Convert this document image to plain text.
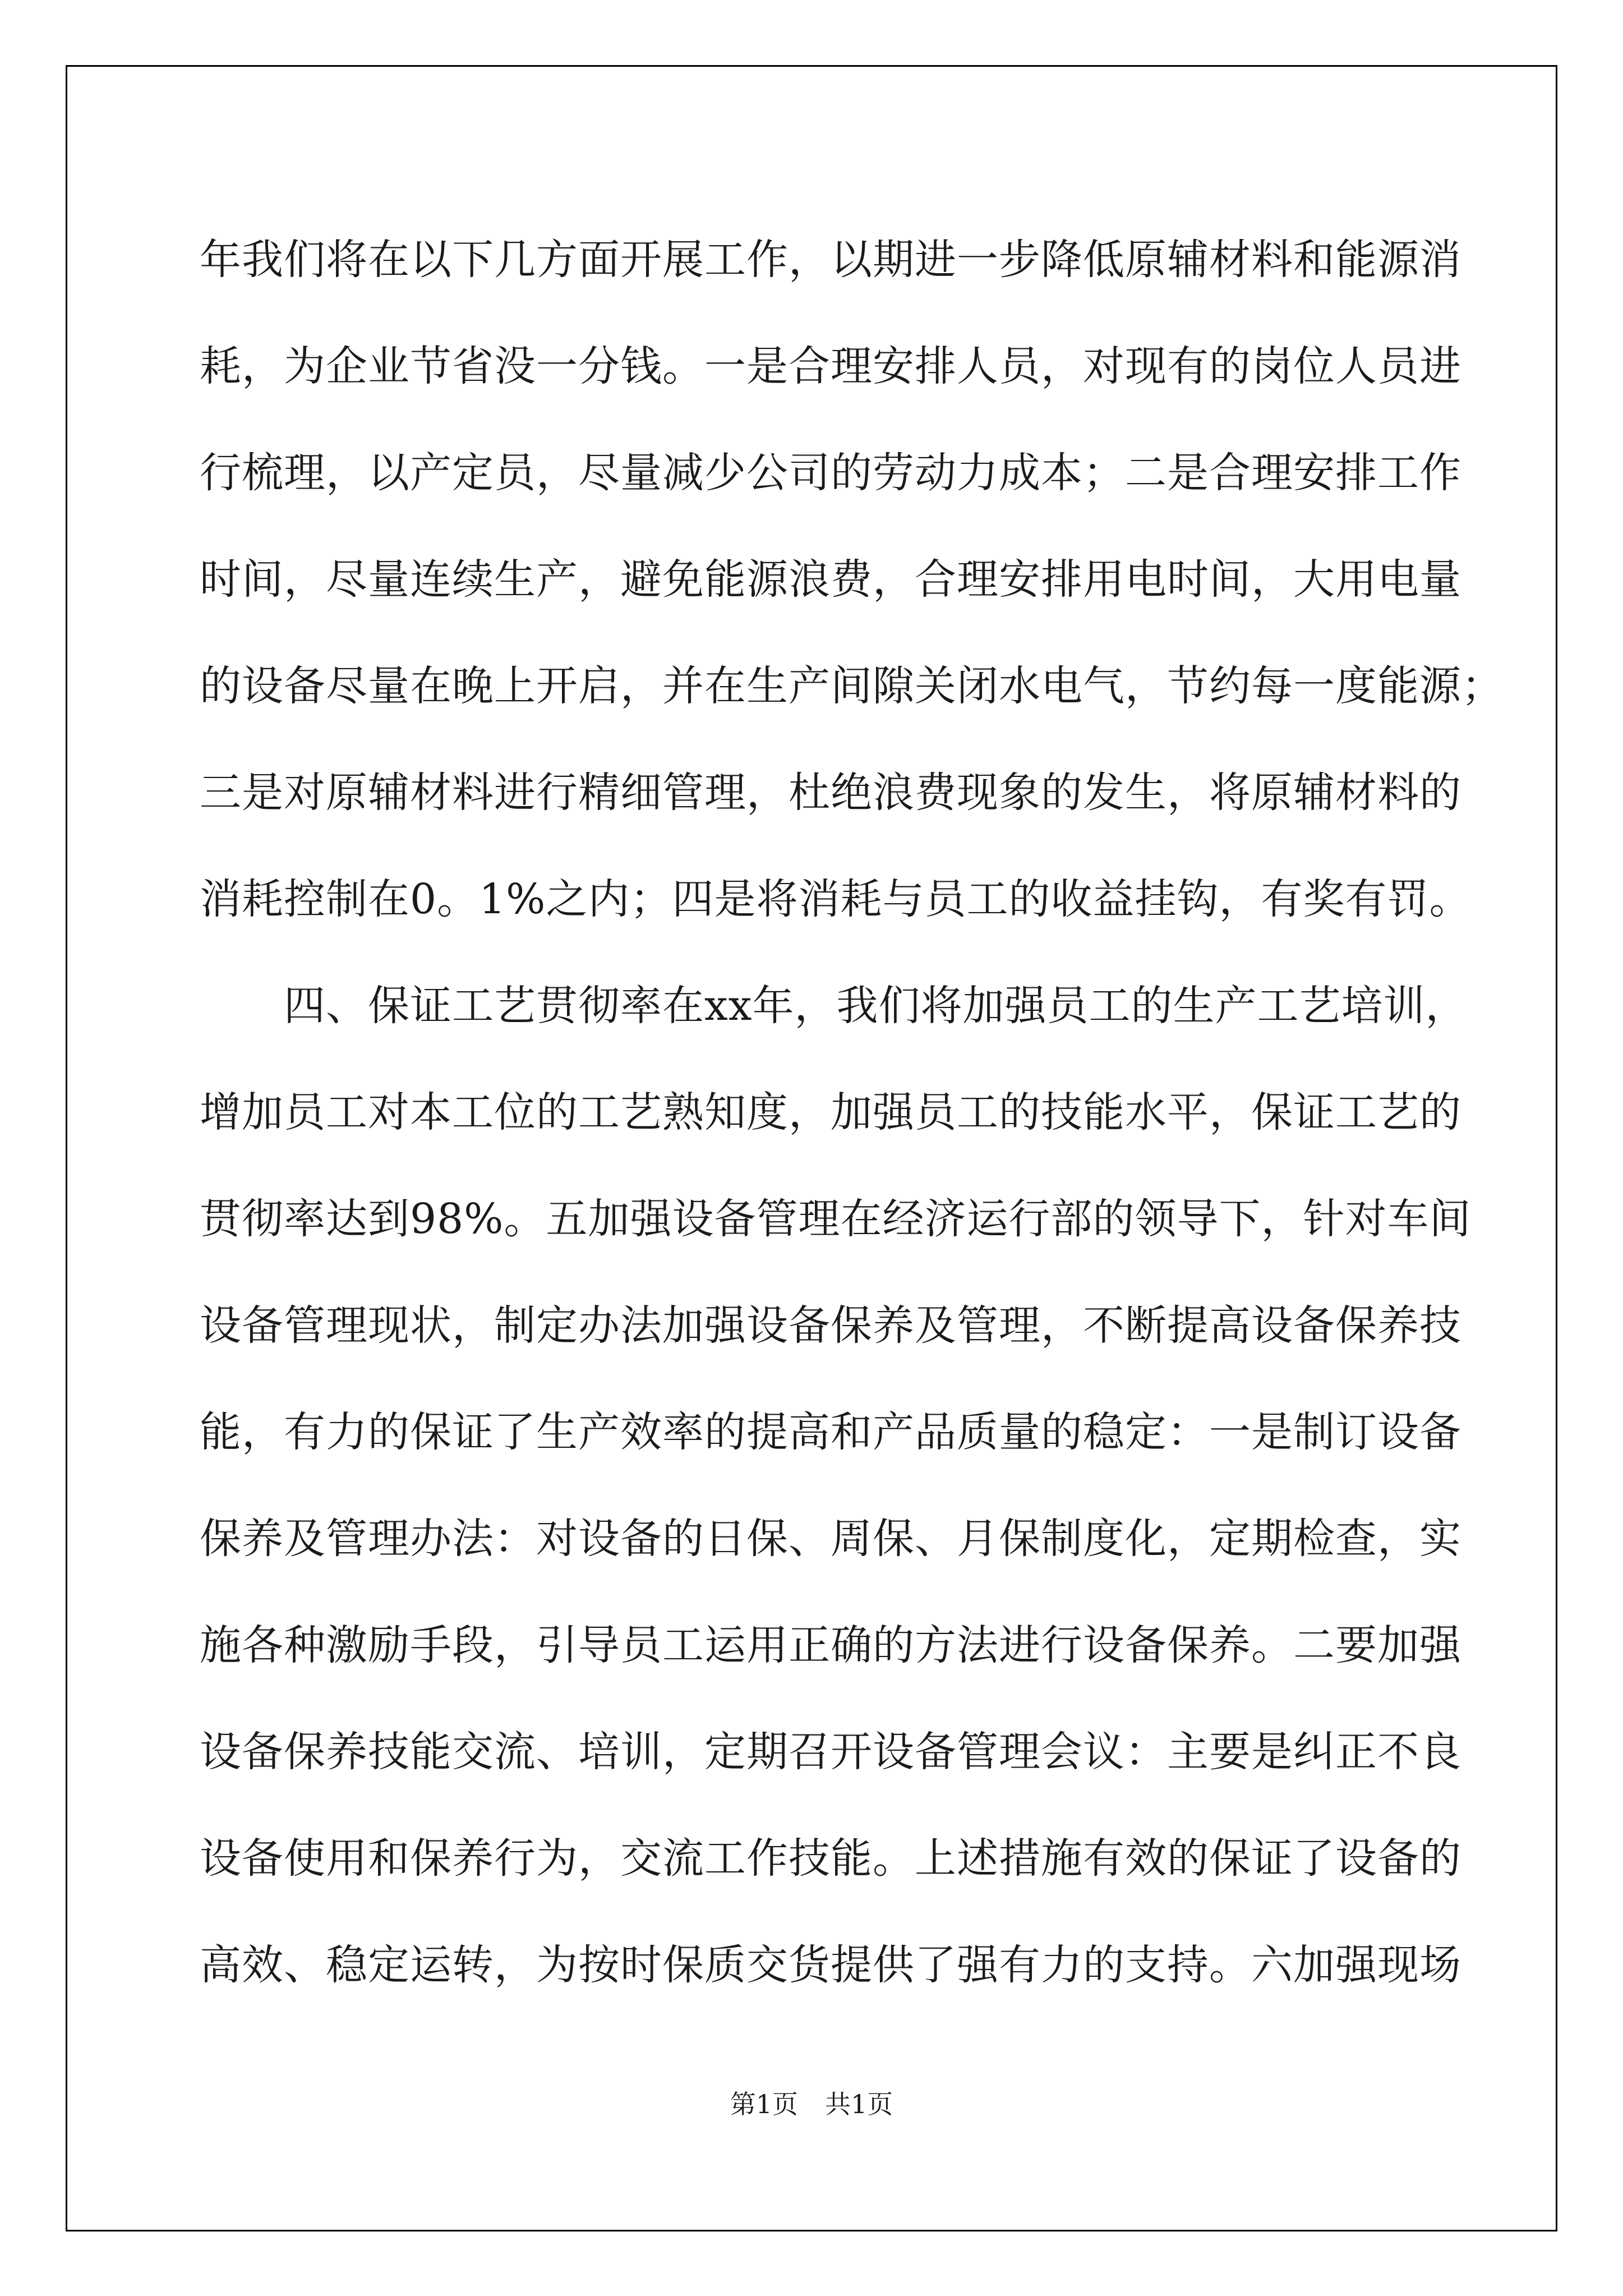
年我们将在以下几方面开展工作，以期进一步降低原辅材料和能源消
耗，为企业节省没一分钱。一是合理安排人员，对现有的岗位人员进
行梳理，以产定员，尽量减少公司的劳动力成本；二是合理安排工作
时间，尽量连续生产，避免能源浪费，合理安排用电时间，大用电量
的设备尽量在晚上开启，并在生产间隙关闭水电气，节约每一度能源；
三是对原辅材料进行精细管理，杜绝浪费现象的发生，将原辅材料的
消耗控制在0。1%之内；四是将消耗与员工的收益挂钩，有奖有罚。
　　四、保证工艺贯彻率在xx年，我们将加强员工的生产工艺培训，
增加员工对本工位的工艺熟知度，加强员工的技能水平，保证工艺的
贯彻率达到98%。五加强设备管理在经济运行部的领导下，针对车间
设备管理现状，制定办法加强设备保养及管理，不断提高设备保养技
能，有力的保证了生产效率的提高和产品质量的稳定：一是制订设备
保养及管理办法：对设备的日保、周保、月保制度化，定期检查，实
施各种激励手段，引导员工运用正确的方法进行设备保养。二要加强
设备保养技能交流、培训，定期召开设备管理会议：主要是纠正不良
设备使用和保养行为，交流工作技能。上述措施有效的保证了设备的
高效、稳定运转，为按时保质交货提供了强有力的支持。六加强现场
第1页 共1页
